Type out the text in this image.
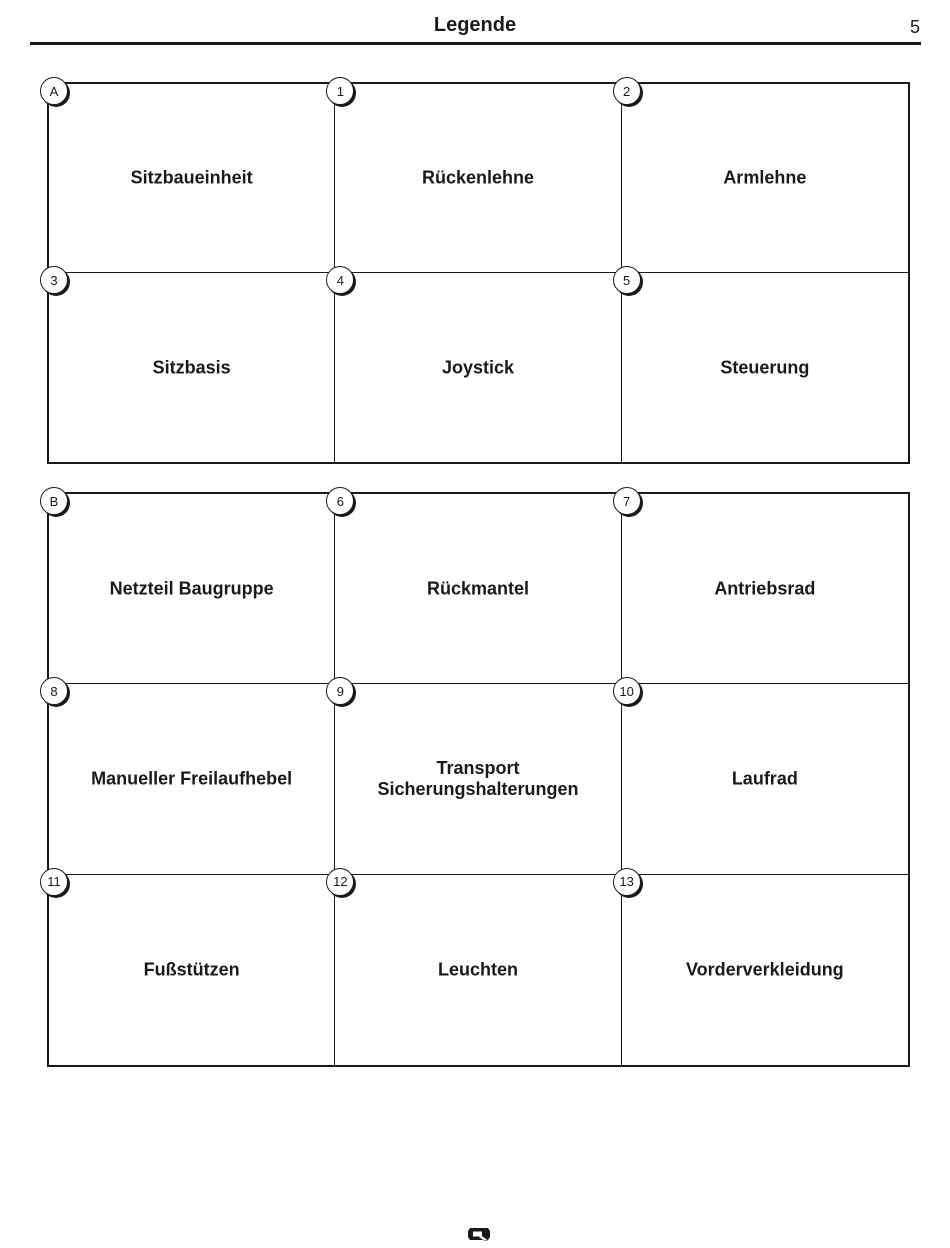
Legende	5
A
Sitzbaueinheit
1
Rückenlehne
2
Armlehne
3
Sitzbasis
4
Joystick
5
Steuerung
B
Netzteil Baugruppe
6
Rückmantel
7
Antriebsrad
8
Manueller Freilaufhebel
9
Transport
Sicherungshalterungen
10
Laufrad
11
Fußstützen
12
Leuchten
13
Vorderverkleidung
